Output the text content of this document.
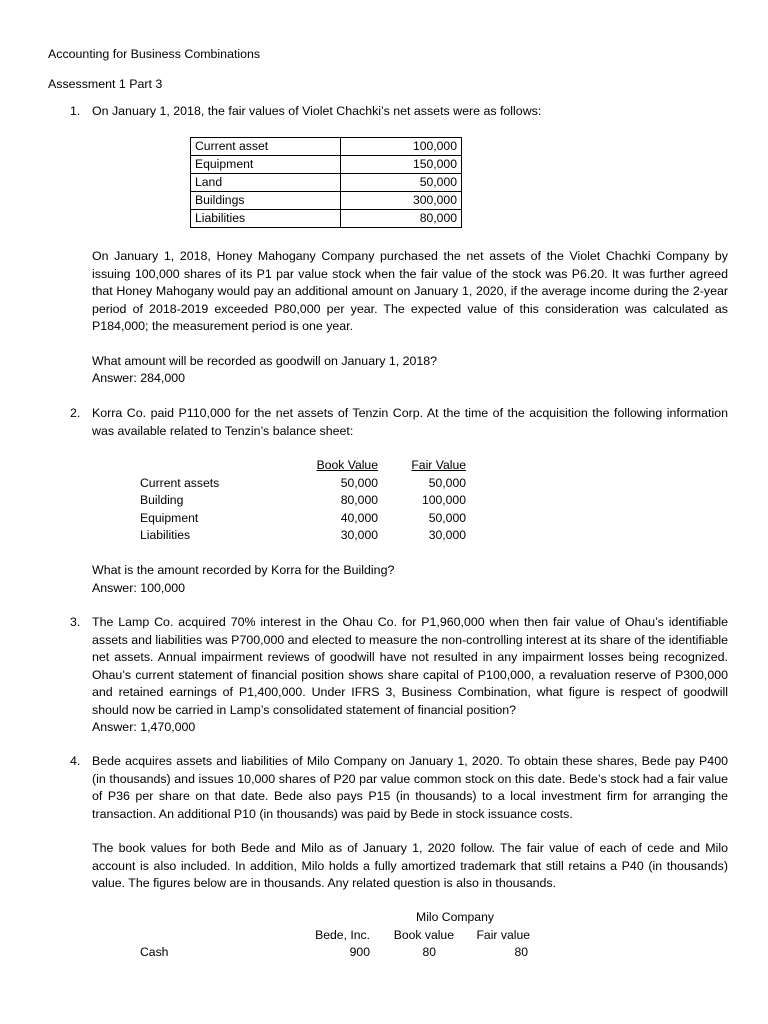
Accounting for Business Combinations
Assessment 1 Part 3
1. On January 1, 2018, the fair values of Violet Chachki’s net assets were as follows:

Current asset	100,000
Equipment	150,000
Land	50,000
Buildings	300,000
Liabilities	80,000

On January 1, 2018, Honey Mahogany Company purchased the net assets of the Violet Chachki Company by issuing 100,000 shares of its P1 par value stock when the fair value of the stock was P6.20. It was further agreed that Honey Mahogany would pay an additional amount on January 1, 2020, if the average income during the 2-year period of 2018-2019 exceeded P80,000 per year. The expected value of this consideration was calculated as P184,000; the measurement period is one year.

What amount will be recorded as goodwill on January 1, 2018?

Answer: 284,000

2. Korra Co. paid P110,000 for the net assets of Tenzin Corp. At the time of the acquisition the following information was available related to Tenzin’s balance sheet:

	Book Value	Fair Value
Current assets	50,000	50,000
Building	80,000	100,000
Equipment	40,000	50,000
Liabilities	30,000	30,000

What is the amount recorded by Korra for the Building?

Answer: 100,000

3. The Lamp Co. acquired 70% interest in the Ohau Co. for P1,960,000 when then fair value of Ohau’s identifiable assets and liabilities was P700,000 and elected to measure the non-controlling interest at its share of the identifiable net assets. Annual impairment reviews of goodwill have not resulted in any impairment losses being recognized. Ohau’s current statement of financial position shows share capital of P100,000, a revaluation reserve of P300,000 and retained earnings of P1,400,000. Under IFRS 3, Business Combination, what figure is respect of goodwill should now be carried in Lamp’s consolidated statement of financial position?

Answer: 1,470,000

4. Bede acquires assets and liabilities of Milo Company on January 1, 2020. To obtain these shares, Bede pay P400 (in thousands) and issues 10,000 shares of P20 par value common stock on this date. Bede’s stock had a fair value of P36 per share on that date. Bede also pays P15 (in thousands) to a local investment firm for arranging the transaction. An additional P10 (in thousands) was paid by Bede in stock issuance costs.

The book values for both Bede and Milo as of January 1, 2020 follow. The fair value of each of cede and Milo account is also included. In addition, Milo holds a fully amortized trademark that still retains a P40 (in thousands) value. The figures below are in thousands. Any related question is also in thousands.

		Milo Company	
	Bede, Inc.	Book value	Fair value
Cash	900	80	80
